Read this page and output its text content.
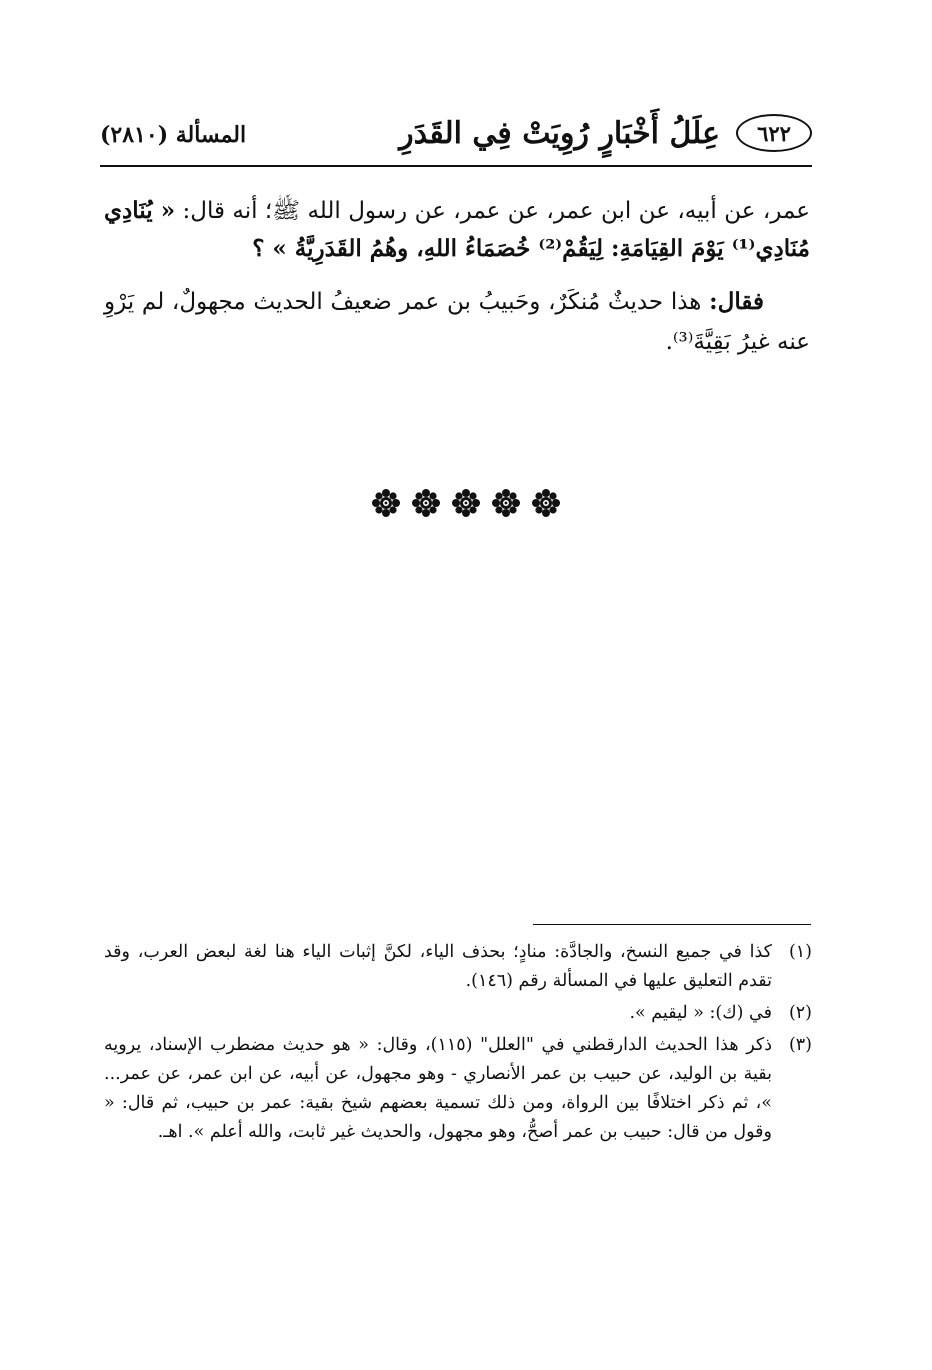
٦٢٢
عِلَلُ أَخْبَارٍ رُوِيَتْ فِي القَدَرِ
المسألة (٢٨١٠)

عمر، عن أبيه، عن ابن عمر، عن عمر، عن رسول الله ﷺ؛ أنه قال: « يُنَادِي مُنَادِي⁽¹⁾ يَوْمَ القِيَامَةِ: لِيَقُمْ⁽²⁾ خُصَمَاءُ اللهِ، وهُمُ القَدَرِيَّةُ » ؟

فقال: هذا حديثٌ مُنكَرٌ، وحَبيبُ بن عمر ضعيفُ الحديث مجهولٌ، لم يَرْوِ عنه غيرُ بَقِيَّةَ⁽³⁾.

(١)
كذا في جميع النسخ، والجادَّة: منادٍ؛ بحذف الياء، لكنَّ إثبات الياء هنا لغة لبعض العرب، وقد تقدم التعليق عليها في المسألة رقم (١٤٦).
(٢)
في (ك): « ليقيم ».
(٣)
ذكر هذا الحديث الدارقطني في "العلل" (١١٥)، وقال: « هو حديث مضطرب الإسناد، يرويه بقية بن الوليد، عن حبيب بن عمر الأنصاري - وهو مجهول، عن أبيه، عن ابن عمر، عن عمر... »، ثم ذكر اختلافًا بين الرواة، ومن ذلك تسمية بعضهم شيخ بقية: عمر بن حبيب، ثم قال: « وقول من قال: حبيب بن عمر أصحُّ، وهو مجهول، والحديث غير ثابت، والله أعلم ». اهـ.
